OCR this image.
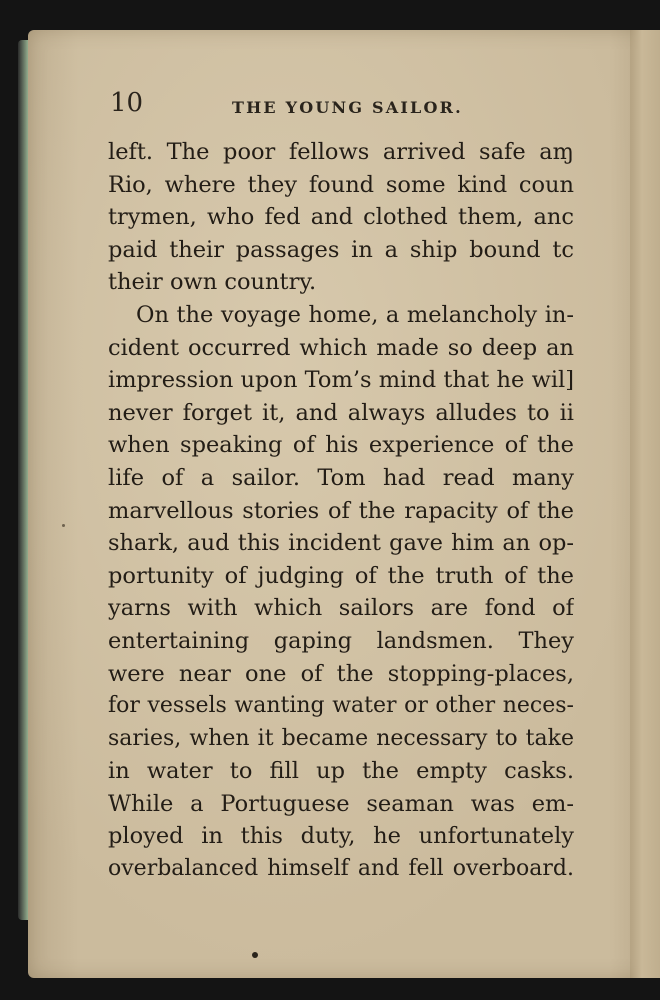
10	THE YOUNG SAILOR.
left. The poor fellows arrived safe aɱ
Rio, where they found some kind coun
trymen, who fed and clothed them, anc
paid their passages in a ship bound tc
their own country.
On the voyage home, a melancholy in-
cident occurred which made so deep an
impression upon Tom’s mind that he wil]
never forget it, and always alludes to ii
when speaking of his experience of the
life of a sailor. Tom had read many
marvellous stories of the rapacity of the
shark, aud this incident gave him an op-
portunity of judging of the truth of the
yarns with which sailors are fond of
entertaining gaping landsmen. They
were near one of the stopping-places,
for vessels wanting water or other neces-
saries, when it became necessary to take
in water to fill up the empty casks.
While a Portuguese seaman was em-
ployed in this duty, he unfortunately
overbalanced himself and fell overboard.
